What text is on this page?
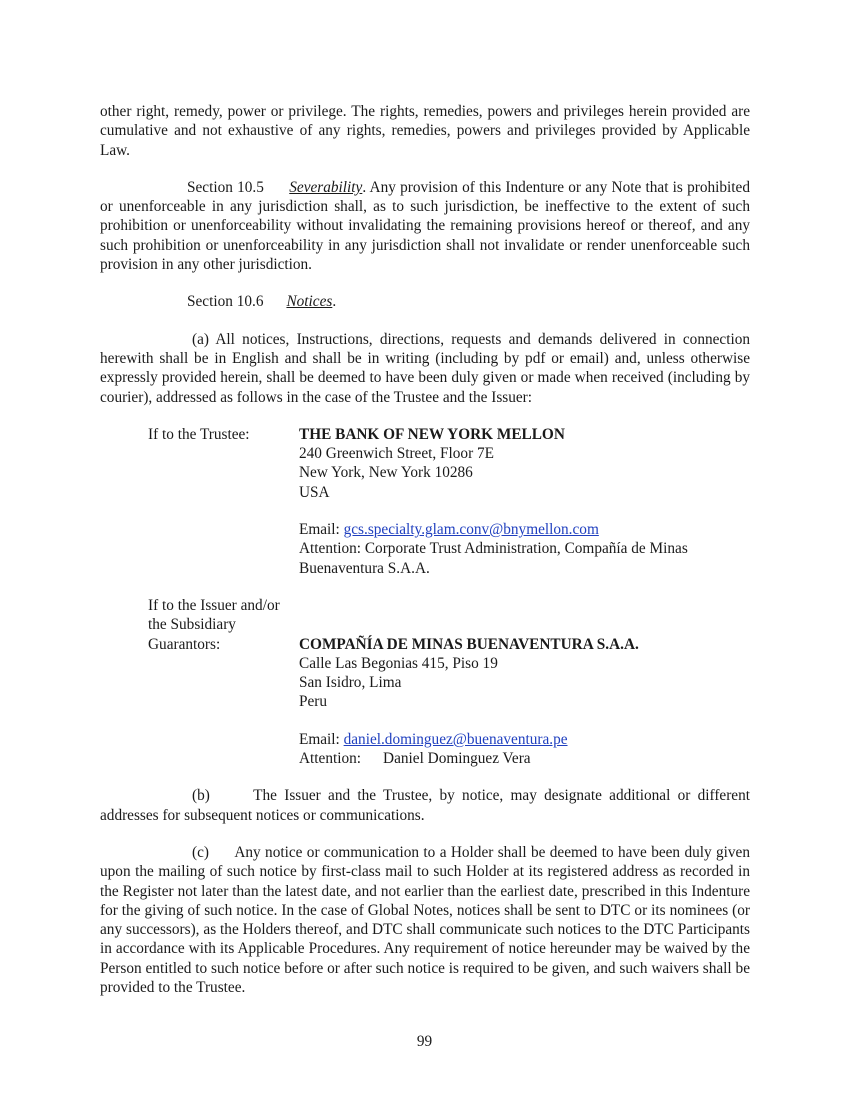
other right, remedy, power or privilege. The rights, remedies, powers and privileges herein provided are cumulative and not exhaustive of any rights, remedies, powers and privileges provided by Applicable Law.

Section 10.5 Severability. Any provision of this Indenture or any Note that is prohibited or unenforceable in any jurisdiction shall, as to such jurisdiction, be ineffective to the extent of such prohibition or unenforceability without invalidating the remaining provisions hereof or thereof, and any such prohibition or unenforceability in any jurisdiction shall not invalidate or render unenforceable such provision in any other jurisdiction.

Section 10.6 Notices.

(a) All notices, Instructions, directions, requests and demands delivered in connection herewith shall be in English and shall be in writing (including by pdf or email) and, unless otherwise expressly provided herein, shall be deemed to have been duly given or made when received (including by courier), addressed as follows in the case of the Trustee and the Issuer:

If to the Trustee:	THE BANK OF NEW YORK MELLON
240 Greenwich Street, Floor 7E
New York, New York 10286
USA
Email: gcs.specialty.glam.conv@bnymellon.com
Attention: Corporate Trust Administration, Compañía de Minas Buenaventura S.A.A.
If to the Issuer and/or
the Subsidiary
Guarantors:	COMPAÑÍA DE MINAS BUENAVENTURA S.A.A.
Calle Las Begonias 415, Piso 19
San Isidro, Lima
Peru
Email: daniel.dominguez@buenaventura.pe
Attention: Daniel Dominguez Vera

(b)      The Issuer and the Trustee, by notice, may designate additional or different addresses for subsequent notices or communications.

(c)      Any notice or communication to a Holder shall be deemed to have been duly given upon the mailing of such notice by first-class mail to such Holder at its registered address as recorded in the Register not later than the latest date, and not earlier than the earliest date, prescribed in this Indenture for the giving of such notice. In the case of Global Notes, notices shall be sent to DTC or its nominees (or any successors), as the Holders thereof, and DTC shall communicate such notices to the DTC Participants in accordance with its Applicable Procedures. Any requirement of notice hereunder may be waived by the Person entitled to such notice before or after such notice is required to be given, and such waivers shall be provided to the Trustee.

99
